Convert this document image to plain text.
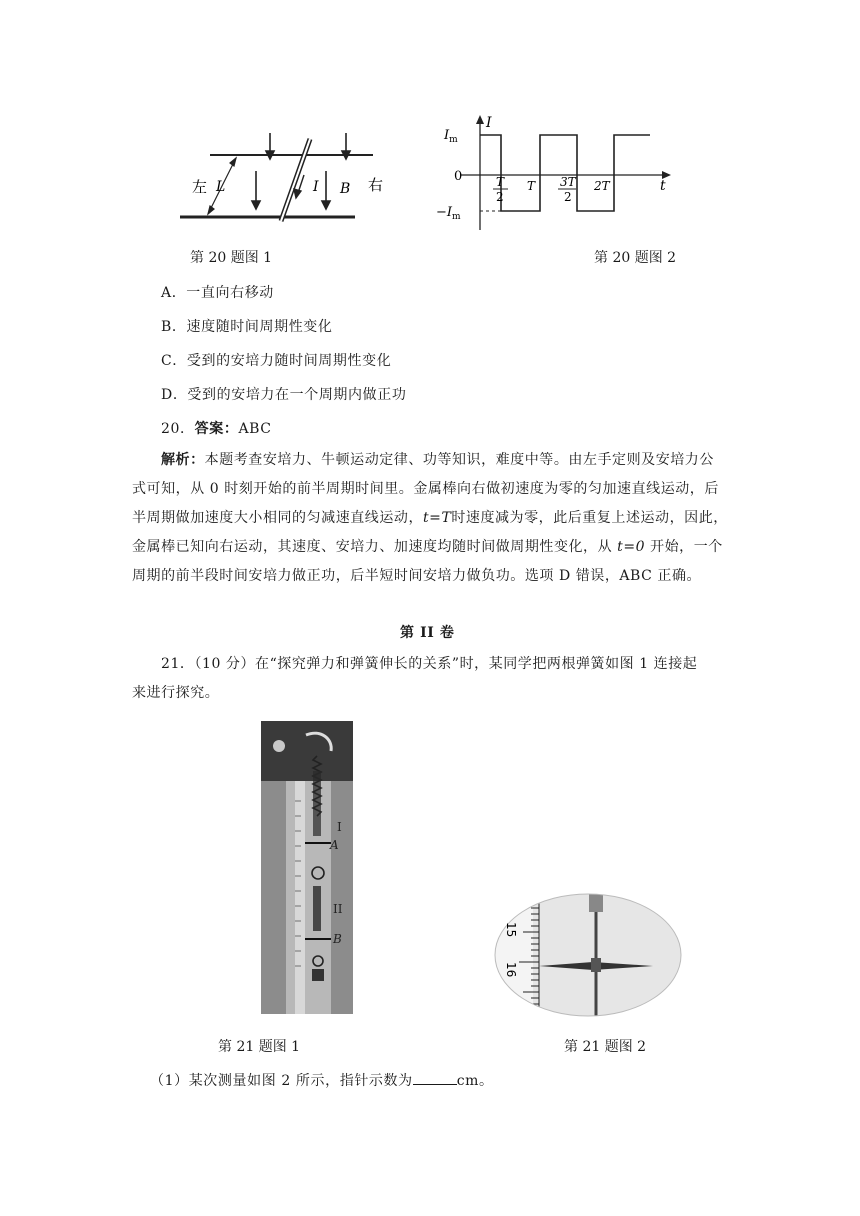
左	右
L	I B
I
t
$I_m$
0
$-I_m$
T
2
T 3T
2
2T
第 20 题图 1	第 20 题图 2
A．一直向右移动
B．速度随时间周期性变化
C．受到的安培力随时间周期性变化
D．受到的安培力在一个周期内做正功
20．答案：ABC
解析：本题考查安培力、牛顿运动定律、功等知识，难度中等。由左手定则及安培力公
式可知，从 0 时刻开始的前半周期时间里。金属棒向右做初速度为零的匀加速直线运动，后
半周期做加速度大小相同的匀减速直线运动，t=T时速度减为零，此后重复上述运动，因此，
金属棒已知向右运动，其速度、安培力、加速度均随时间做周期性变化，从 t=0 开始，一个
周期的前半段时间安培力做正功，后半短时间安培力做负功。选项 D 错误，ABC 正确。
第 II 卷
21．（10 分）在“探究弹力和弹簧伸长的关系”时，某同学把两根弹簧如图 1 连接起
来进行探究。
I
A
II
B
15
16
第 21 题图 1	第 21 题图 2
（1）某次测量如图 2 所示，指针示数为	cm。
